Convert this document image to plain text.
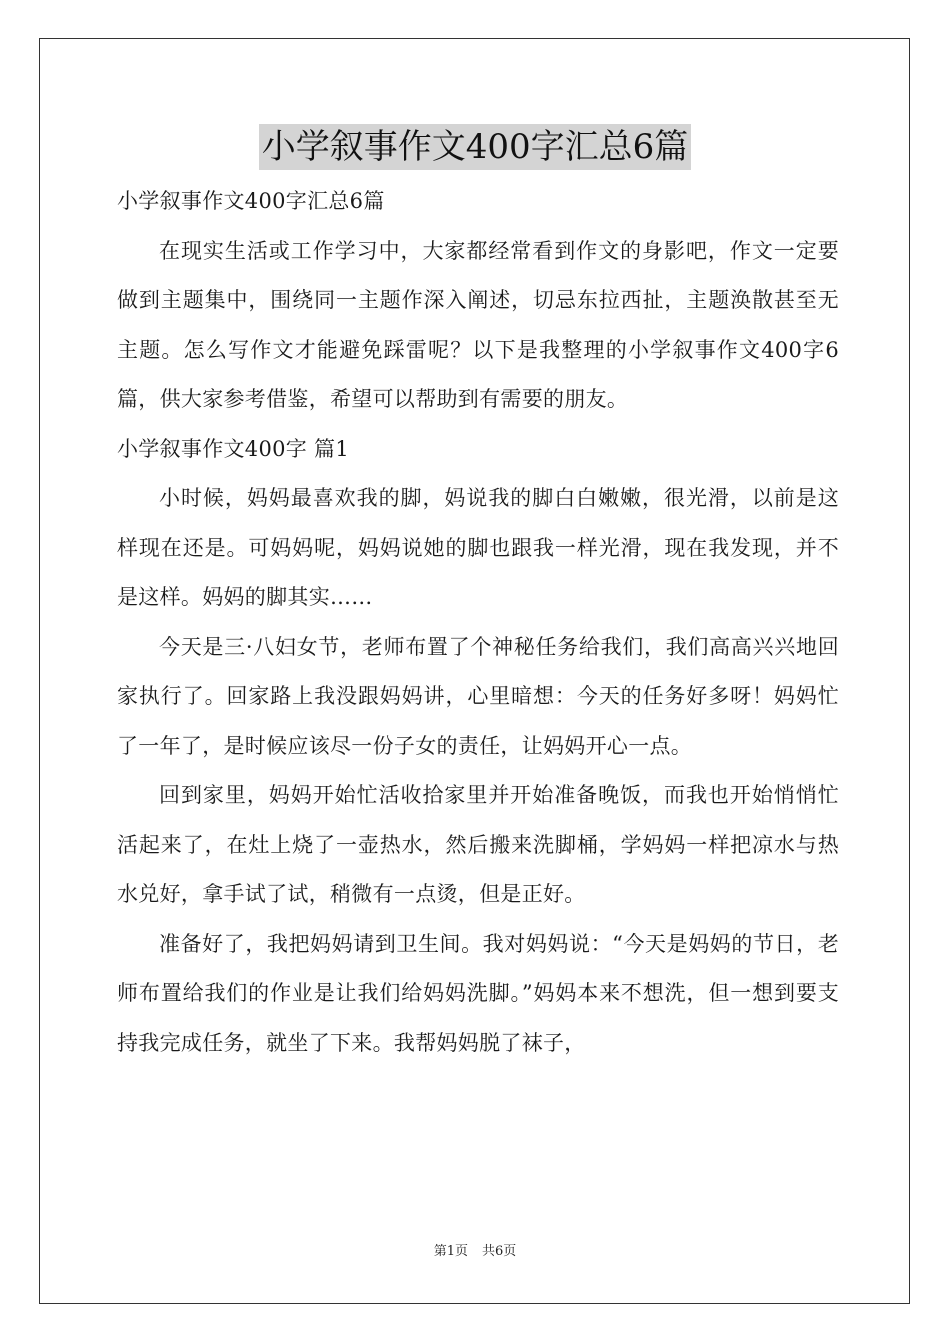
小学叙事作文400字汇总6篇

小学叙事作文400字汇总6篇

在现实生活或工作学习中，大家都经常看到作文的身影吧，作文一定要做到主题集中，围绕同一主题作深入阐述，切忌东拉西扯，主题涣散甚至无主题。怎么写作文才能避免踩雷呢？以下是我整理的小学叙事作文400字6篇，供大家参考借鉴，希望可以帮助到有需要的朋友。

小学叙事作文400字 篇1

小时候，妈妈最喜欢我的脚，妈说我的脚白白嫩嫩，很光滑，以前是这样现在还是。可妈妈呢，妈妈说她的脚也跟我一样光滑，现在我发现，并不是这样。妈妈的脚其实……

今天是三·八妇女节，老师布置了个神秘任务给我们，我们高高兴兴地回家执行了。回家路上我没跟妈妈讲，心里暗想：今天的任务好多呀！妈妈忙了一年了，是时候应该尽一份子女的责任，让妈妈开心一点。

回到家里，妈妈开始忙活收拾家里并开始准备晚饭，而我也开始悄悄忙活起来了，在灶上烧了一壶热水，然后搬来洗脚桶，学妈妈一样把凉水与热水兑好，拿手试了试，稍微有一点烫，但是正好。

准备好了，我把妈妈请到卫生间。我对妈妈说：“今天是妈妈的节日，老师布置给我们的作业是让我们给妈妈洗脚。”妈妈本来不想洗，但一想到要支持我完成任务，就坐了下来。我帮妈妈脱了袜子，

第1页 共6页
